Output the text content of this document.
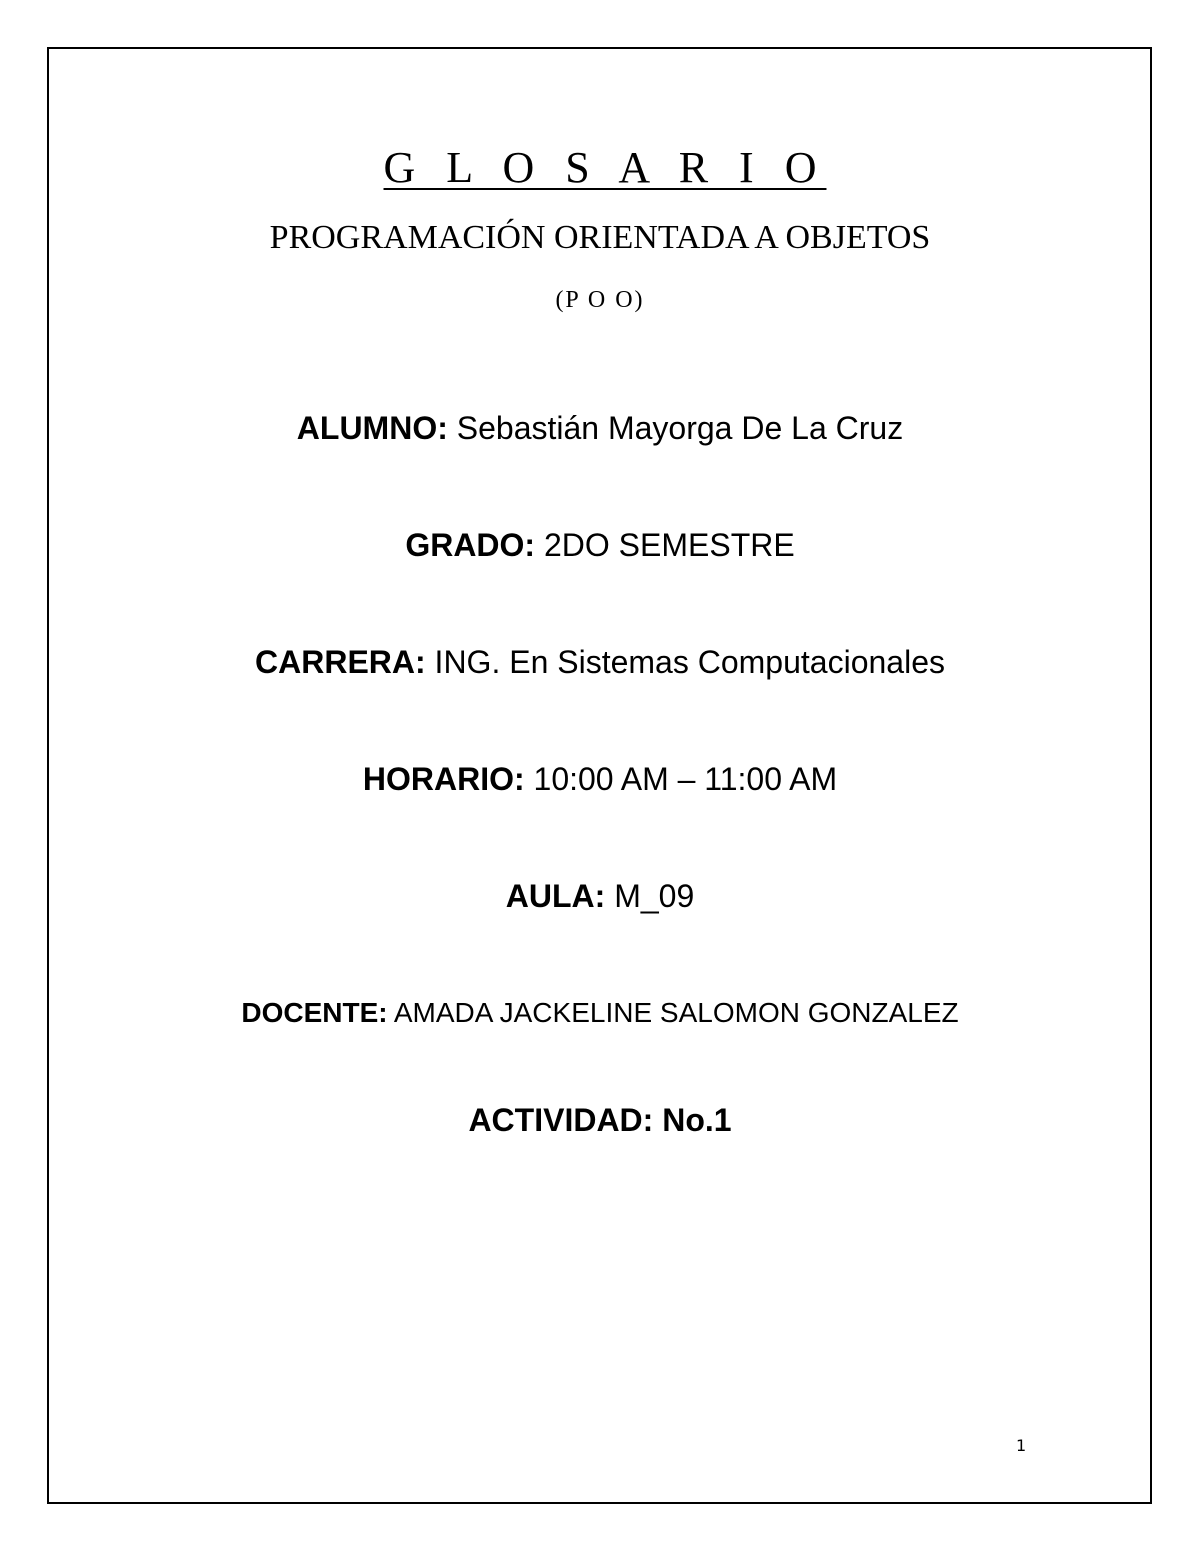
G L O S A R I O
PROGRAMACIÓN ORIENTADA A OBJETOS
(P O O)
ALUMNO: Sebastián Mayorga De La Cruz
GRADO: 2DO SEMESTRE
CARRERA: ING. En Sistemas Computacionales
HORARIO: 10:00 AM – 11:00 AM
AULA: M_09
DOCENTE: AMADA JACKELINE SALOMON GONZALEZ
ACTIVIDAD: No.1
1
